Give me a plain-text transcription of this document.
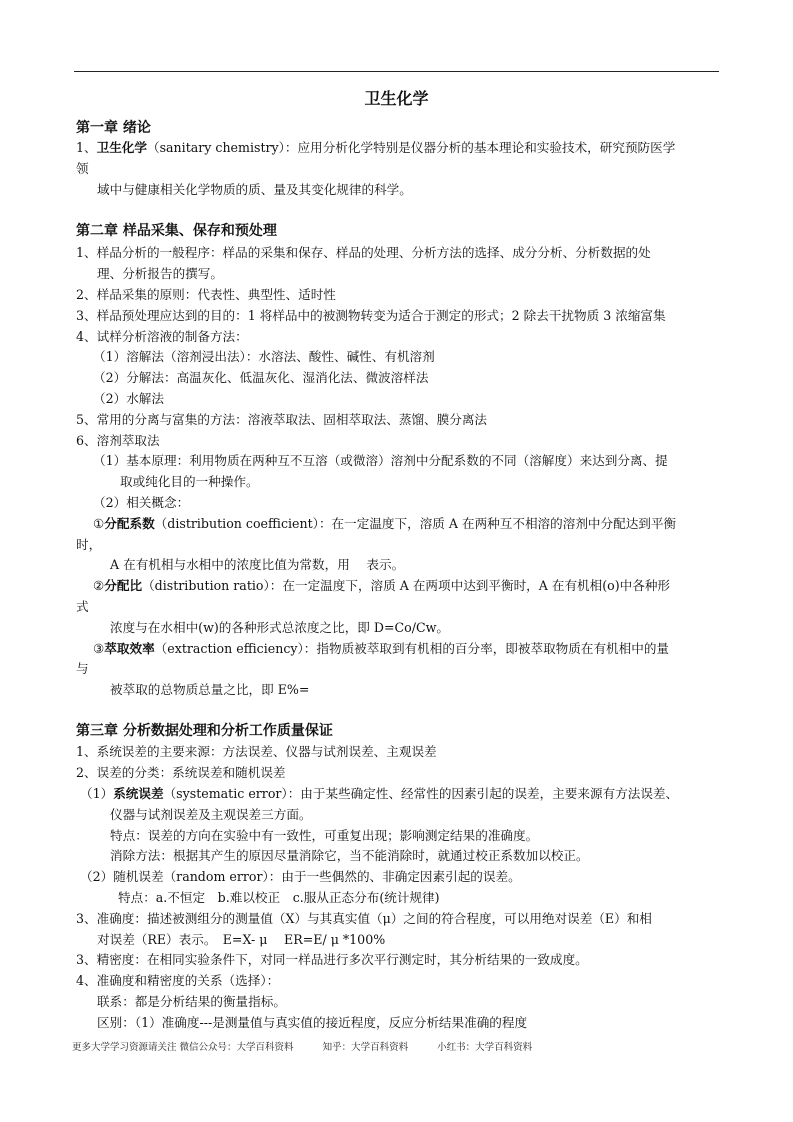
卫生化学
第一章 绪论
1、卫生化学（sanitary chemistry）：应用分析化学特别是仪器分析的基本理论和实验技术，研究预防医学
领
域中与健康相关化学物质的质、量及其变化规律的科学。
第二章 样品采集、保存和预处理
1、样品分析的一般程序：样品的采集和保存、样品的处理、分析方法的选择、成分分析、分析数据的处
理、分析报告的撰写。
2、样品采集的原则：代表性、典型性、适时性
3、样品预处理应达到的目的：1 将样品中的被测物转变为适合于测定的形式；2 除去干扰物质 3 浓缩富集
4、试样分析溶液的制备方法：
（1）溶解法（溶剂浸出法）：水溶法、酸性、碱性、有机溶剂
（2）分解法：高温灰化、低温灰化、湿消化法、微波溶样法
（2）水解法
5、常用的分离与富集的方法：溶液萃取法、固相萃取法、蒸馏、膜分离法
6、溶剂萃取法
（1）基本原理：利用物质在两种互不互溶（或微溶）溶剂中分配系数的不同（溶解度）来达到分离、提
取或纯化目的一种操作。
（2）相关概念：
①分配系数（distribution coefficient）：在一定温度下，溶质 A 在两种互不相溶的溶剂中分配达到平衡
时，
A 在有机相与水相中的浓度比值为常数，用　 表示。
②分配比（distribution ratio）：在一定温度下，溶质 A 在两项中达到平衡时，A 在有机相(o)中各种形
式
浓度与在水相中(w)的各种形式总浓度之比，即 D=Co/Cw。
③萃取效率（extraction efficiency）：指物质被萃取到有机相的百分率，即被萃取物质在有机相中的量
与
被萃取的总物质总量之比，即 E%=
第三章 分析数据处理和分析工作质量保证
1、系统误差的主要来源：方法误差、仪器与试剂误差、主观误差
2、误差的分类：系统误差和随机误差
（1）系统误差（systematic error）：由于某些确定性、经常性的因素引起的误差，主要来源有方法误差、
仪器与试剂误差及主观误差三方面。
特点：误差的方向在实验中有一致性，可重复出现；影响测定结果的准确度。
消除方法：根据其产生的原因尽量消除它，当不能消除时，就通过校正系数加以校正。
（2）随机误差（random error）：由于一些偶然的、非确定因素引起的误差。
特点：a.不恒定　b.难以校正　c.服从正态分布(统计规律)
3、准确度：描述被测组分的测量值（X）与其真实值（μ）之间的符合程度，可以用绝对误差（E）和相
对误差（RE）表示。　E=X- μ　 ER=E/ μ *100%
3、精密度：在相同实验条件下，对同一样品进行多次平行测定时，其分析结果的一致成度。
4、准确度和精密度的关系（选择）：
联系：都是分析结果的衡量指标。
区别：（1）准确度---是测量值与真实值的接近程度，反应分析结果准确的程度
更多大学学习资源请关注 微信公众号：大学百科资料	知乎：大学百科资料	小红书：大学百科资料
